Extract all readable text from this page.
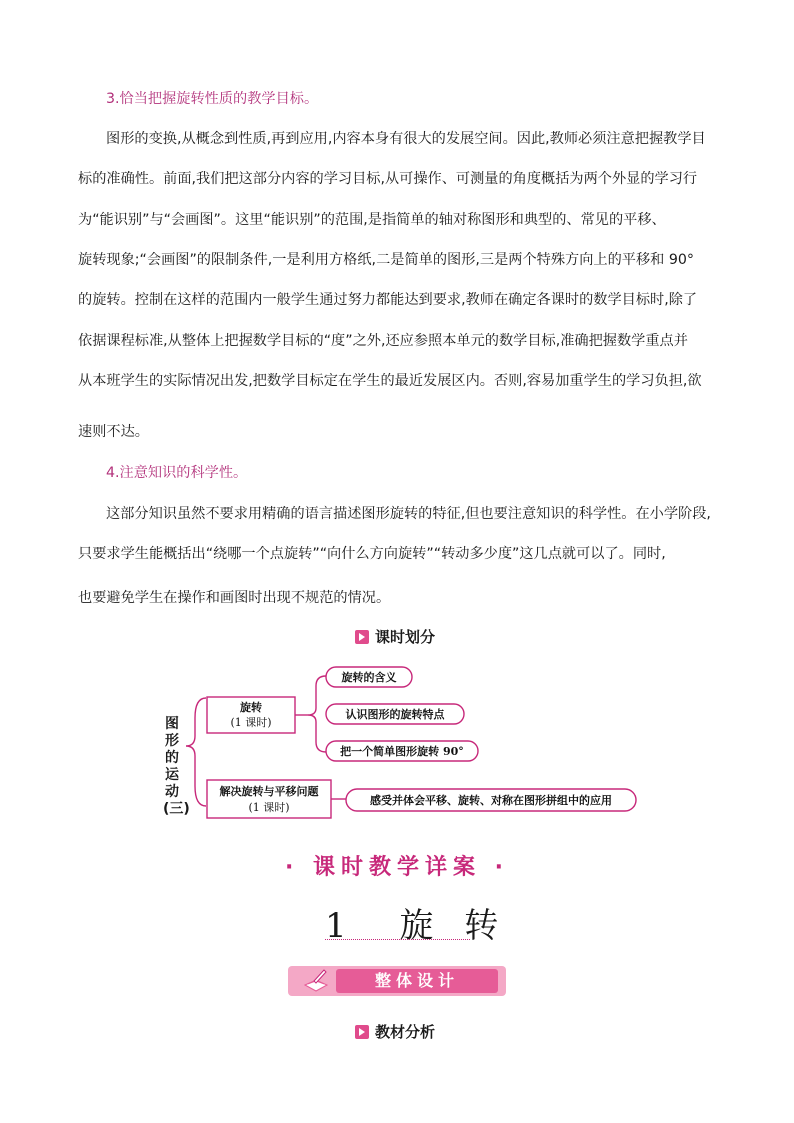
3.恰当把握旋转性质的教学目标。
图形的变换,从概念到性质,再到应用,内容本身有很大的发展空间。因此,教师必须注意把握教学目
标的准确性。前面,我们把这部分内容的学习目标,从可操作、可测量的角度概括为两个外显的学习行
为“能识别”与“会画图”。这里“能识别”的范围,是指简单的轴对称图形和典型的、常见的平移、
旋转现象;“会画图”的限制条件,一是利用方格纸,二是简单的图形,三是两个特殊方向上的平移和 90°
的旋转。控制在这样的范围内一般学生通过努力都能达到要求,教师在确定各课时的数学目标时,除了
依据课程标准,从整体上把握数学目标的“度”之外,还应参照本单元的数学目标,准确把握数学重点并
从本班学生的实际情况出发,把数学目标定在学生的最近发展区内。否则,容易加重学生的学习负担,欲
速则不达。
4.注意知识的科学性。
这部分知识虽然不要求用精确的语言描述图形旋转的特征,但也要注意知识的科学性。在小学阶段,
只要求学生能概括出“绕哪一个点旋转”“向什么方向旋转”“转动多少度”这几点就可以了。同时,
也要避免学生在操作和画图时出现不规范的情况。
课时划分
图形的运动(三)
旋转
(1 课时)
旋转的含义
认识图形的旋转特点
把一个简单图形旋转 90°
解决旋转与平移问题
(1 课时)
感受并体会平移、旋转、对称在图形拼组中的应用
· 课时教学详案 ·
1 旋 转
整体设计
教材分析
